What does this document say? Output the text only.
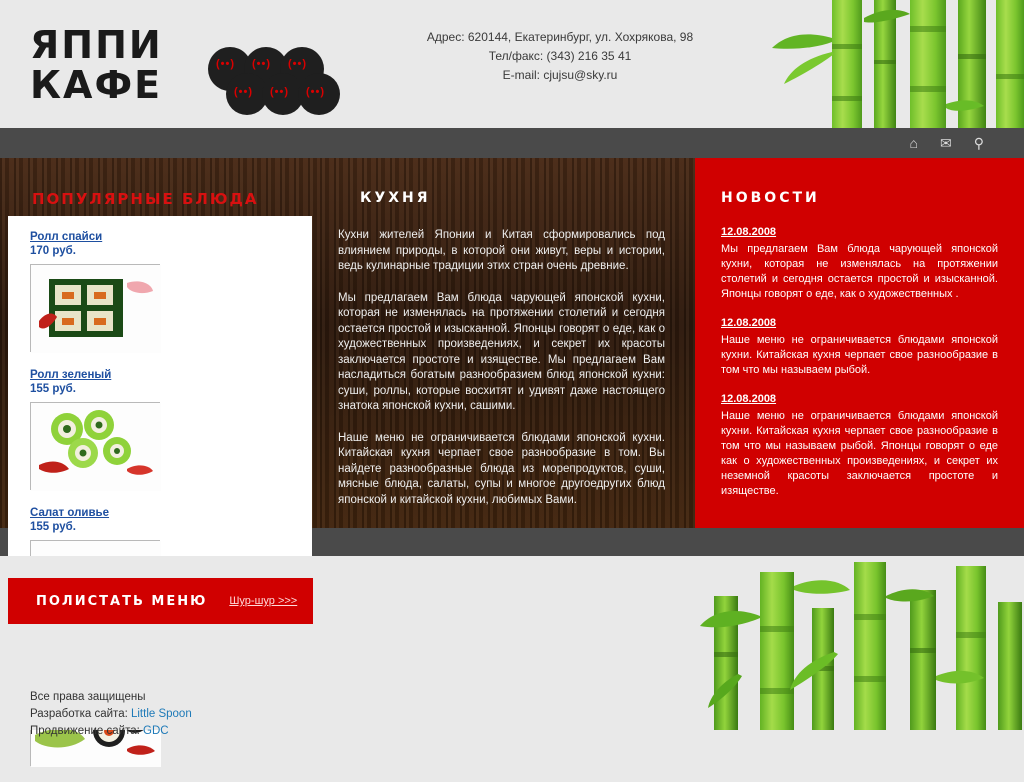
ЯППИ
КАФЕ	(••) (••) (••)
(••) (••) (••)
Адрес: 620144, Екатеринбург, ул. Хохрякова, 98
Тел/факс: (343) 216 35 41
E-mail: cjujsu@sky.ru
⌂ ✉ ⚲
ПОПУЛЯРНЫЕ БЛЮДА
Ролл спайси
170 руб.
Ролл зеленый
155 руб.
Салат оливье
155 руб.
КУХНЯ

Кухни жителей Японии и Китая сформировались под влиянием природы, в которой они живут, веры и истории, ведь кулинарные традиции этих стран очень древние.

Мы предлагаем Вам блюда чарующей японской кухни, которая не изменялась на протяжении столетий и сегодня остается простой и изысканной. Японцы говорят о еде, как о художественных произведениях, и секрет их красоты заключается простоте и изяществе. Мы предлагаем Вам насладиться богатым разнообразием блюд японской кухни: суши, роллы, которые восхитят и удивят даже настоящего знатока японской кухни, сашими.

Наше меню не ограничивается блюдами японской кухни. Китайская кухня черпает свое разнообразие в том. Вы найдете разнообразные блюда из морепродуктов, суши, мясные блюда, салаты, супы и многое другоедругих блюд японской и китайской кухни, любимых Вами.

НОВОСТИ
12.08.2008
Мы предлагаем Вам блюда чарующей японской кухни, которая не изменялась на протяжении столетий и сегодня остается простой и изысканной. Японцы говорят о еде, как о художественных .
12.08.2008
Наше меню не ограничивается блюдами японской кухни. Китайская кухня черпает свое разнообразие в том что мы называем рыбой.
12.08.2008
Наше меню не ограничивается блюдами японской кухни. Китайская кухня черпает свое разнообразие в том что мы называем рыбой. Японцы говорят о еде как о художественных произведениях, и секрет их неземной красоты заключается простоте и изяществе.
ПОЛИСТАТЬ МЕНЮ Шур-шур >>>
Все права защищены
Разработка сайта: Little Spoon
Продвижение сайта: GDC
